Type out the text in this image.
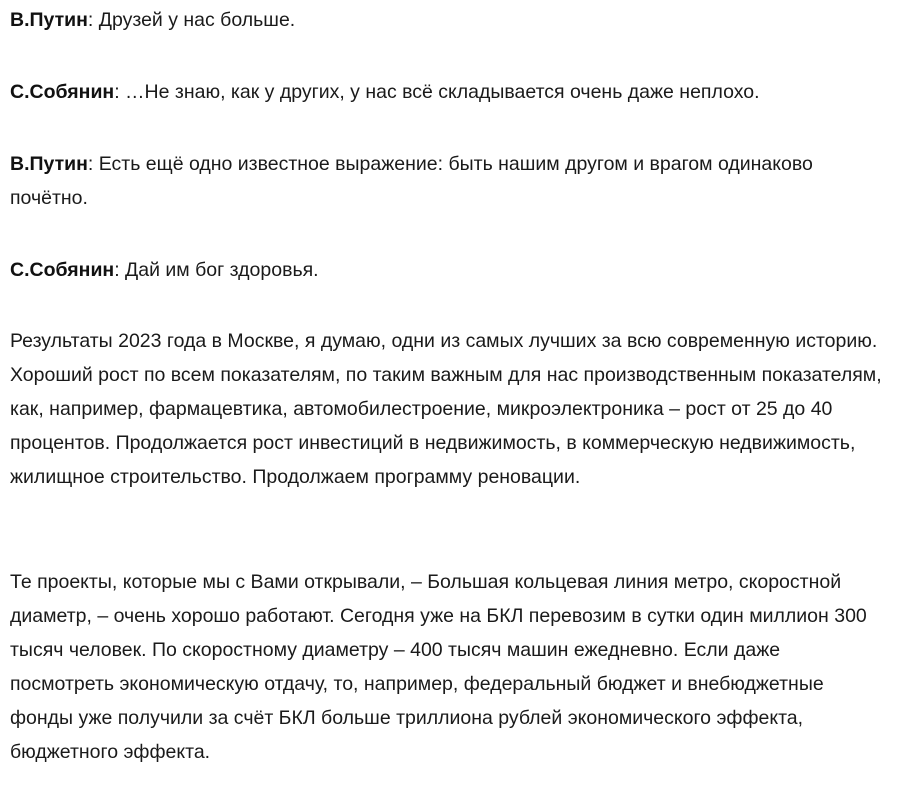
В.Путин: Друзей у нас больше.

С.Собянин: …Не знаю, как у других, у нас всё складывается очень даже неплохо.

В.Путин: Есть ещё одно известное выражение: быть нашим другом и врагом одинаково почётно.

С.Собянин: Дай им бог здоровья.

Результаты 2023 года в Москве, я думаю, одни из самых лучших за всю современную историю. Хороший рост по всем показателям, по таким важным для нас производственным показателям, как, например, фармацевтика, автомобилестроение, микроэлектроника – рост от 25 до 40 процентов. Продолжается рост инвестиций в недвижимость, в коммерческую недвижимость, жилищное строительство. Продолжаем программу реновации.

Те проекты, которые мы с Вами открывали, – Большая кольцевая линия метро, скоростной диаметр, – очень хорошо работают. Сегодня уже на БКЛ перевозим в сутки один миллион 300 тысяч человек. По скоростному диаметру – 400 тысяч машин ежедневно. Если даже посмотреть экономическую отдачу, то, например, федеральный бюджет и внебюджетные фонды уже получили за счёт БКЛ больше триллиона рублей экономического эффекта, бюджетного эффекта.
